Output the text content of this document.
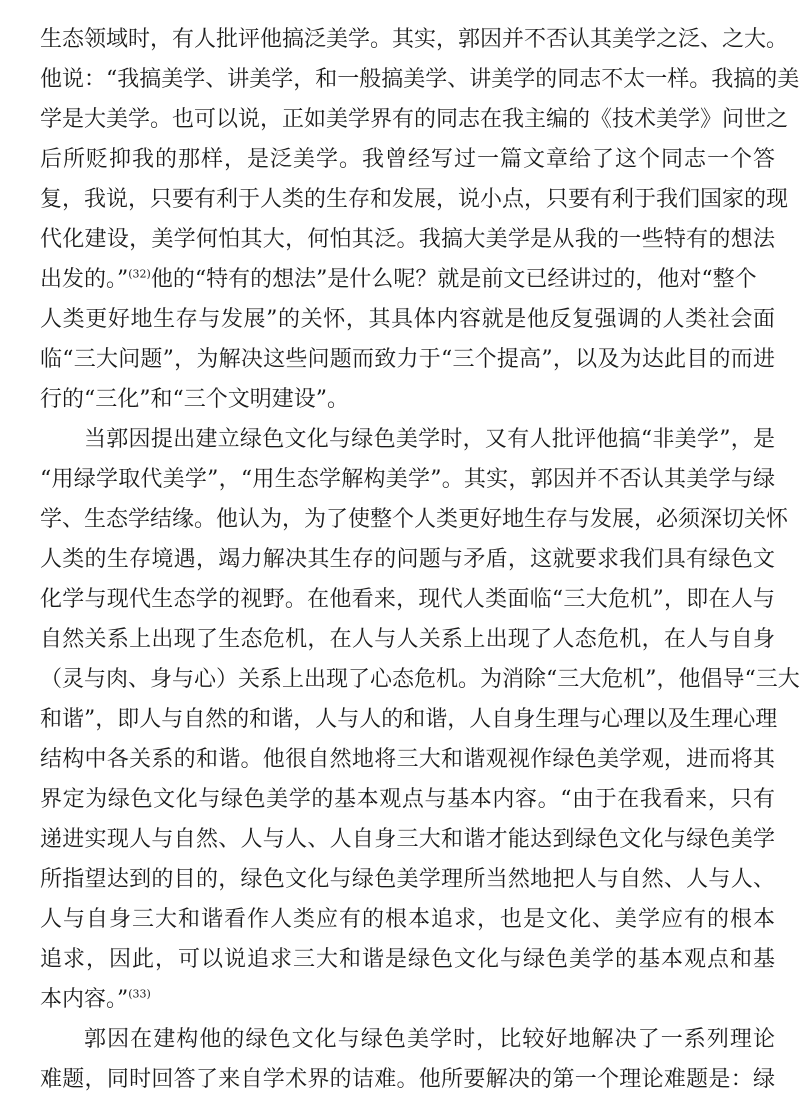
生态领域时，有人批评他搞泛美学。其实，郭因并不否认其美学之泛、之大。
他说：“我搞美学、讲美学，和一般搞美学、讲美学的同志不太一样。我搞的美
学是大美学。也可以说，正如美学界有的同志在我主编的《技术美学》问世之
后所贬抑我的那样，是泛美学。我曾经写过一篇文章给了这个同志一个答
复，我说，只要有利于人类的生存和发展，说小点，只要有利于我们国家的现
代化建设，美学何怕其大，何怕其泛。我搞大美学是从我的一些特有的想法
出发的。”$^{(32)}$他的“特有的想法”是什么呢？就是前文已经讲过的，他对“整个
人类更好地生存与发展”的关怀，其具体内容就是他反复强调的人类社会面
临“三大问题”，为解决这些问题而致力于“三个提高”，以及为达此目的而进
行的“三化”和“三个文明建设”。
当郭因提出建立绿色文化与绿色美学时，又有人批评他搞“非美学”，是
“用绿学取代美学”，“用生态学解构美学”。其实，郭因并不否认其美学与绿
学、生态学结缘。他认为，为了使整个人类更好地生存与发展，必须深切关怀
人类的生存境遇，竭力解决其生存的问题与矛盾，这就要求我们具有绿色文
化学与现代生态学的视野。在他看来，现代人类面临“三大危机”，即在人与
自然关系上出现了生态危机，在人与人关系上出现了人态危机，在人与自身
（灵与肉、身与心）关系上出现了心态危机。为消除“三大危机”，他倡导“三大
和谐”，即人与自然的和谐，人与人的和谐，人自身生理与心理以及生理心理
结构中各关系的和谐。他很自然地将三大和谐观视作绿色美学观，进而将其
界定为绿色文化与绿色美学的基本观点与基本内容。“由于在我看来，只有
递进实现人与自然、人与人、人自身三大和谐才能达到绿色文化与绿色美学
所指望达到的目的，绿色文化与绿色美学理所当然地把人与自然、人与人、
人与自身三大和谐看作人类应有的根本追求，也是文化、美学应有的根本
追求，因此，可以说追求三大和谐是绿色文化与绿色美学的基本观点和基
本内容。”$^{(33)}$
郭因在建构他的绿色文化与绿色美学时，比较好地解决了一系列理论
难题，同时回答了来自学术界的诘难。他所要解决的第一个理论难题是：绿
